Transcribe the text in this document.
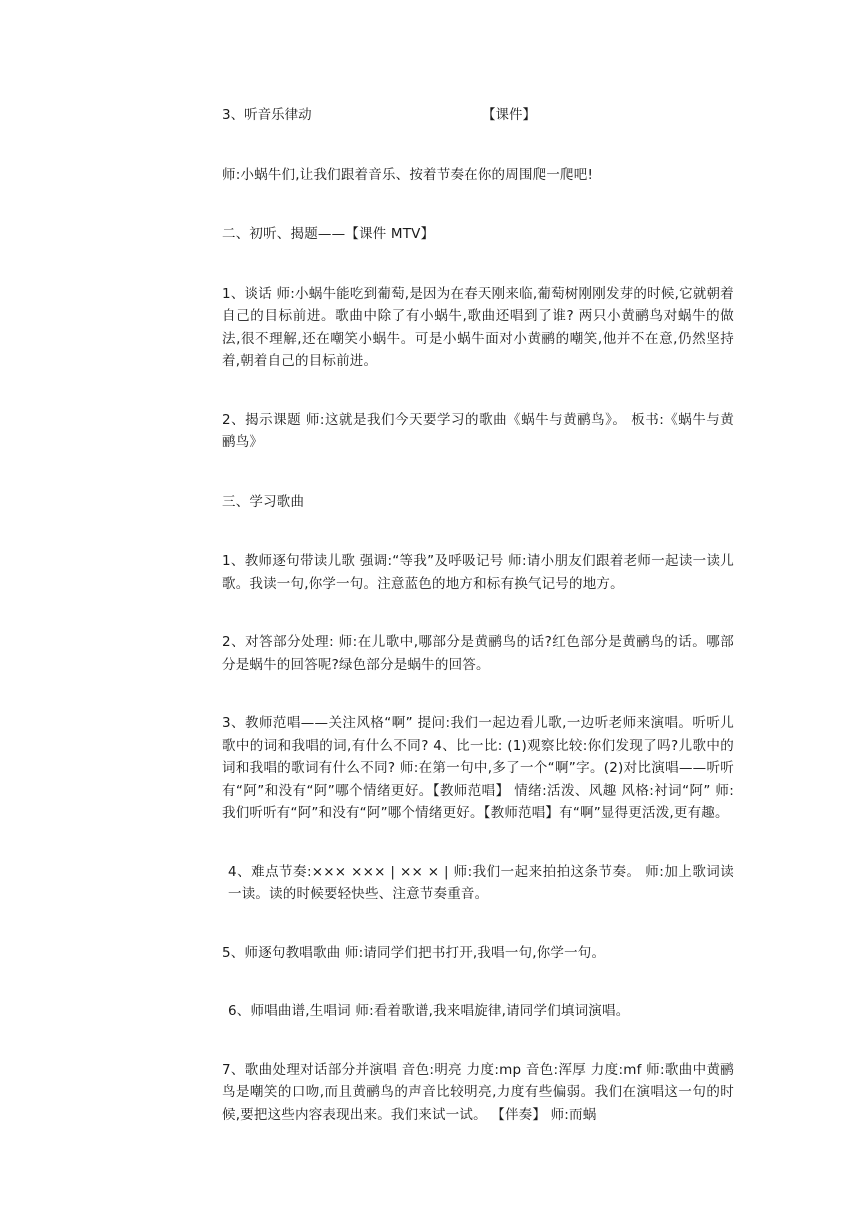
3、听音乐律动	【课件】

师:小蜗牛们,让我们跟着音乐、按着节奏在你的周围爬一爬吧!

二、初听、揭题——【课件 MTV】

1、谈话 师:小蜗牛能吃到葡萄,是因为在春天刚来临,葡萄树刚刚发芽的时候,它就朝着自己的目标前进。歌曲中除了有小蜗牛,歌曲还唱到了谁? 两只小黄鹂鸟对蜗牛的做法,很不理解,还在嘲笑小蜗牛。可是小蜗牛面对小黄鹂的嘲笑,他并不在意,仍然坚持着,朝着自己的目标前进。

2、揭示课题 师:这就是我们今天要学习的歌曲《蜗牛与黄鹂鸟》。 板书:《蜗牛与黄鹂鸟》

三、学习歌曲

1、教师逐句带读儿歌 强调:“等我”及呼吸记号 师:请小朋友们跟着老师一起读一读儿歌。我读一句,你学一句。注意蓝色的地方和标有换气记号的地方。

2、对答部分处理: 师:在儿歌中,哪部分是黄鹂鸟的话?红色部分是黄鹂鸟的话。哪部分是蜗牛的回答呢?绿色部分是蜗牛的回答。

3、教师范唱——关注风格“啊” 提问:我们一起边看儿歌,一边听老师来演唱。听听儿歌中的词和我唱的词,有什么不同? 4、比一比: (1)观察比较:你们发现了吗?儿歌中的词和我唱的歌词有什么不同? 师:在第一句中,多了一个“啊”字。(2)对比演唱——听听有“阿”和没有“阿”哪个情绪更好。【教师范唱】 情绪:活泼、风趣 风格:衬词“阿” 师:我们听听有“阿”和没有“阿”哪个情绪更好。【教师范唱】有“啊”显得更活泼,更有趣。

4、难点节奏:××× ××× | ×× × | 师:我们一起来拍拍这条节奏。 师:加上歌词读一读。读的时候要轻快些、注意节奏重音。

5、师逐句教唱歌曲 师:请同学们把书打开,我唱一句,你学一句。

6、师唱曲谱,生唱词 师:看着歌谱,我来唱旋律,请同学们填词演唱。

7、歌曲处理对话部分并演唱 音色:明亮 力度:mp 音色:浑厚 力度:mf 师:歌曲中黄鹂鸟是嘲笑的口吻,而且黄鹂鸟的声音比较明亮,力度有些偏弱。我们在演唱这一句的时候,要把这些内容表现出来。我们来试一试。 【伴奏】 师:而蜗
